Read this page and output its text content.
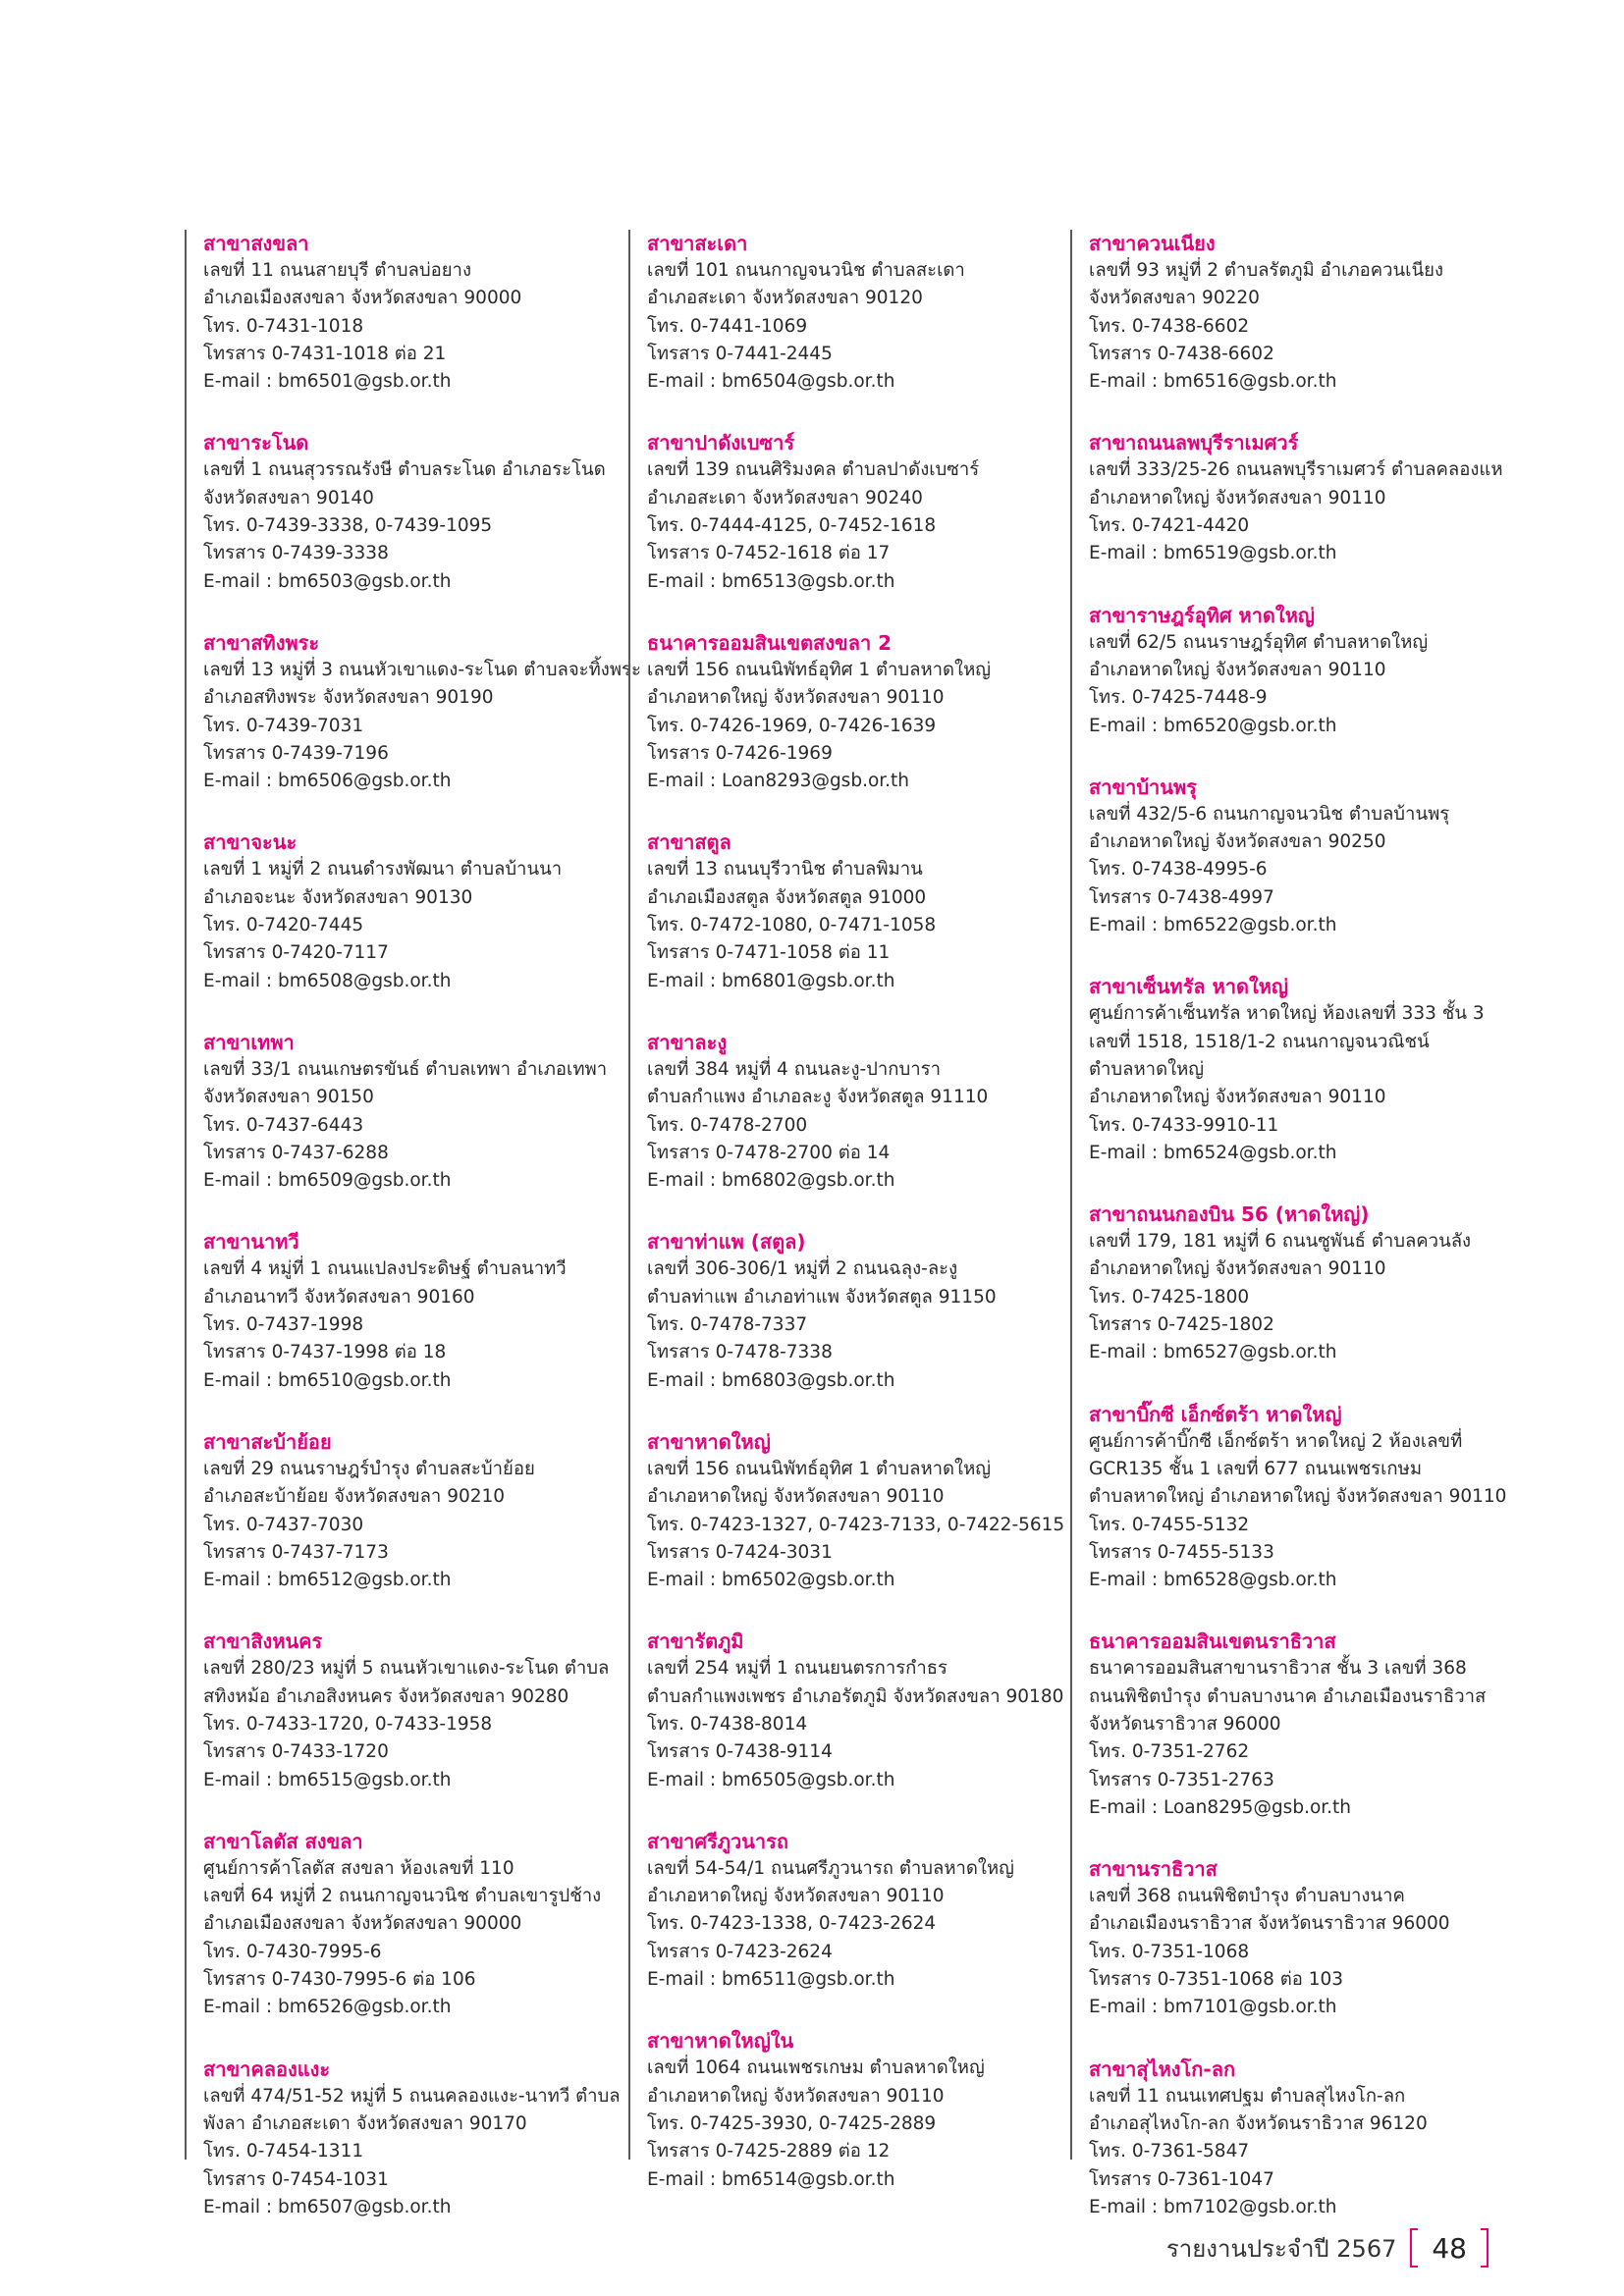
สาขาสงขลา
เลขที่ 11 ถนนสายบุรี ตำบลบ่อยาง
อำเภอเมืองสงขลา จังหวัดสงขลา 90000
โทร. 0-7431-1018
โทรสาร 0-7431-1018 ต่อ 21
E-mail : bm6501@gsb.or.th
สาขาระโนด
เลขที่ 1 ถนนสุวรรณรังษี ตำบลระโนด อำเภอระโนด
จังหวัดสงขลา 90140
โทร. 0-7439-3338, 0-7439-1095
โทรสาร 0-7439-3338
E-mail : bm6503@gsb.or.th
สาขาสทิงพระ
เลขที่ 13 หมู่ที่ 3 ถนนหัวเขาแดง-ระโนด ตำบลจะทิ้งพระ
อำเภอสทิงพระ จังหวัดสงขลา 90190
โทร. 0-7439-7031
โทรสาร 0-7439-7196
E-mail : bm6506@gsb.or.th
สาขาจะนะ
เลขที่ 1 หมู่ที่ 2 ถนนดำรงพัฒนา ตำบลบ้านนา
อำเภอจะนะ จังหวัดสงขลา 90130
โทร. 0-7420-7445
โทรสาร 0-7420-7117
E-mail : bm6508@gsb.or.th
สาขาเทพา
เลขที่ 33/1 ถนนเกษตรขันธ์ ตำบลเทพา อำเภอเทพา
จังหวัดสงขลา 90150
โทร. 0-7437-6443
โทรสาร 0-7437-6288
E-mail : bm6509@gsb.or.th
สาขานาทวี
เลขที่ 4 หมู่ที่ 1 ถนนแปลงประดิษฐ์ ตำบลนาทวี
อำเภอนาทวี จังหวัดสงขลา 90160
โทร. 0-7437-1998
โทรสาร 0-7437-1998 ต่อ 18
E-mail : bm6510@gsb.or.th
สาขาสะบ้าย้อย
เลขที่ 29 ถนนราษฎร์บำรุง ตำบลสะบ้าย้อย
อำเภอสะบ้าย้อย จังหวัดสงขลา 90210
โทร. 0-7437-7030
โทรสาร 0-7437-7173
E-mail : bm6512@gsb.or.th
สาขาสิงหนคร
เลขที่ 280/23 หมู่ที่ 5 ถนนหัวเขาแดง-ระโนด ตำบล
สทิงหม้อ อำเภอสิงหนคร จังหวัดสงขลา 90280
โทร. 0-7433-1720, 0-7433-1958
โทรสาร 0-7433-1720
E-mail : bm6515@gsb.or.th
สาขาโลตัส สงขลา
ศูนย์การค้าโลตัส สงขลา ห้องเลขที่ 110
เลขที่ 64 หมู่ที่ 2 ถนนกาญจนวนิช ตำบลเขารูปช้าง
อำเภอเมืองสงขลา จังหวัดสงขลา 90000
โทร. 0-7430-7995-6
โทรสาร 0-7430-7995-6 ต่อ 106
E-mail : bm6526@gsb.or.th
สาขาคลองแงะ
เลขที่ 474/51-52 หมู่ที่ 5 ถนนคลองแงะ-นาทวี ตำบล
พังลา อำเภอสะเดา จังหวัดสงขลา 90170
โทร. 0-7454-1311
โทรสาร 0-7454-1031
E-mail : bm6507@gsb.or.th
สาขาสะเดา
เลขที่ 101 ถนนกาญจนวนิช ตำบลสะเดา
อำเภอสะเดา จังหวัดสงขลา 90120
โทร. 0-7441-1069
โทรสาร 0-7441-2445
E-mail : bm6504@gsb.or.th
สาขาปาดังเบซาร์
เลขที่ 139 ถนนศิริมงคล ตำบลปาดังเบซาร์
อำเภอสะเดา จังหวัดสงขลา 90240
โทร. 0-7444-4125, 0-7452-1618
โทรสาร 0-7452-1618 ต่อ 17
E-mail : bm6513@gsb.or.th
ธนาคารออมสินเขตสงขลา 2
เลขที่ 156 ถนนนิพัทธ์อุทิศ 1 ตำบลหาดใหญ่
อำเภอหาดใหญ่ จังหวัดสงขลา 90110
โทร. 0-7426-1969, 0-7426-1639
โทรสาร 0-7426-1969
E-mail : Loan8293@gsb.or.th
สาขาสตูล
เลขที่ 13 ถนนบุรีวานิช ตำบลพิมาน
อำเภอเมืองสตูล จังหวัดสตูล 91000
โทร. 0-7472-1080, 0-7471-1058
โทรสาร 0-7471-1058 ต่อ 11
E-mail : bm6801@gsb.or.th
สาขาละงู
เลขที่ 384 หมู่ที่ 4 ถนนละงู-ปากบารา
ตำบลกำแพง อำเภอละงู จังหวัดสตูล 91110
โทร. 0-7478-2700
โทรสาร 0-7478-2700 ต่อ 14
E-mail : bm6802@gsb.or.th
สาขาท่าแพ (สตูล)
เลขที่ 306-306/1 หมู่ที่ 2 ถนนฉลุง-ละงู
ตำบลท่าแพ อำเภอท่าแพ จังหวัดสตูล 91150
โทร. 0-7478-7337
โทรสาร 0-7478-7338
E-mail : bm6803@gsb.or.th
สาขาหาดใหญ่
เลขที่ 156 ถนนนิพัทธ์อุทิศ 1 ตำบลหาดใหญ่
อำเภอหาดใหญ่ จังหวัดสงขลา 90110
โทร. 0-7423-1327, 0-7423-7133, 0-7422-5615
โทรสาร 0-7424-3031
E-mail : bm6502@gsb.or.th
สาขารัตภูมิ
เลขที่ 254 หมู่ที่ 1 ถนนยนตรการกำธร
ตำบลกำแพงเพชร อำเภอรัตภูมิ จังหวัดสงขลา 90180
โทร. 0-7438-8014
โทรสาร 0-7438-9114
E-mail : bm6505@gsb.or.th
สาขาศรีภูวนารถ
เลขที่ 54-54/1 ถนนศรีภูวนารถ ตำบลหาดใหญ่
อำเภอหาดใหญ่ จังหวัดสงขลา 90110
โทร. 0-7423-1338, 0-7423-2624
โทรสาร 0-7423-2624
E-mail : bm6511@gsb.or.th
สาขาหาดใหญ่ใน
เลขที่ 1064 ถนนเพชรเกษม ตำบลหาดใหญ่
อำเภอหาดใหญ่ จังหวัดสงขลา 90110
โทร. 0-7425-3930, 0-7425-2889
โทรสาร 0-7425-2889 ต่อ 12
E-mail : bm6514@gsb.or.th
สาขาควนเนียง
เลขที่ 93 หมู่ที่ 2 ตำบลรัตภูมิ อำเภอควนเนียง
จังหวัดสงขลา 90220
โทร. 0-7438-6602
โทรสาร 0-7438-6602
E-mail : bm6516@gsb.or.th
สาขาถนนลพบุรีราเมศวร์
เลขที่ 333/25-26 ถนนลพบุรีราเมศวร์ ตำบลคลองแห
อำเภอหาดใหญ่ จังหวัดสงขลา 90110
โทร. 0-7421-4420
E-mail : bm6519@gsb.or.th
สาขาราษฎร์อุทิศ หาดใหญ่
เลขที่ 62/5 ถนนราษฎร์อุทิศ ตำบลหาดใหญ่
อำเภอหาดใหญ่ จังหวัดสงขลา 90110
โทร. 0-7425-7448-9
E-mail : bm6520@gsb.or.th
สาขาบ้านพรุ
เลขที่ 432/5-6 ถนนกาญจนวนิช ตำบลบ้านพรุ
อำเภอหาดใหญ่ จังหวัดสงขลา 90250
โทร. 0-7438-4995-6
โทรสาร 0-7438-4997
E-mail : bm6522@gsb.or.th
สาขาเซ็นทรัล หาดใหญ่
ศูนย์การค้าเซ็นทรัล หาดใหญ่ ห้องเลขที่ 333 ชั้น 3
เลขที่ 1518, 1518/1-2 ถนนกาญจนวณิชน์
ตำบลหาดใหญ่
อำเภอหาดใหญ่ จังหวัดสงขลา 90110
โทร. 0-7433-9910-11
E-mail : bm6524@gsb.or.th
สาขาถนนกองบิน 56 (หาดใหญ่)
เลขที่ 179, 181 หมู่ที่ 6 ถนนซูพันธ์ ตำบลควนลัง
อำเภอหาดใหญ่ จังหวัดสงขลา 90110
โทร. 0-7425-1800
โทรสาร 0-7425-1802
E-mail : bm6527@gsb.or.th
สาขาบิ๊กซี เอ็กซ์ตร้า หาดใหญ่
ศูนย์การค้าบิ๊กซี เอ็กซ์ตร้า หาดใหญ่ 2 ห้องเลขที่
GCR135 ชั้น 1 เลขที่ 677 ถนนเพชรเกษม
ตำบลหาดใหญ่ อำเภอหาดใหญ่ จังหวัดสงขลา 90110
โทร. 0-7455-5132
โทรสาร 0-7455-5133
E-mail : bm6528@gsb.or.th
ธนาคารออมสินเขตนราธิวาส
ธนาคารออมสินสาขานราธิวาส ชั้น 3 เลขที่ 368
ถนนพิชิตบำรุง ตำบลบางนาค อำเภอเมืองนราธิวาส
จังหวัดนราธิวาส 96000
โทร. 0-7351-2762
โทรสาร 0-7351-2763
E-mail : Loan8295@gsb.or.th
สาขานราธิวาส
เลขที่ 368 ถนนพิชิตบำรุง ตำบลบางนาค
อำเภอเมืองนราธิวาส จังหวัดนราธิวาส 96000
โทร. 0-7351-1068
โทรสาร 0-7351-1068 ต่อ 103
E-mail : bm7101@gsb.or.th
สาขาสุไหงโก-ลก
เลขที่ 11 ถนนเทศปฐม ตำบลสุไหงโก-ลก
อำเภอสุไหงโก-ลก จังหวัดนราธิวาส 96120
โทร. 0-7361-5847
โทรสาร 0-7361-1047
E-mail : bm7102@gsb.or.th
รายงานประจำปี 2567	48
